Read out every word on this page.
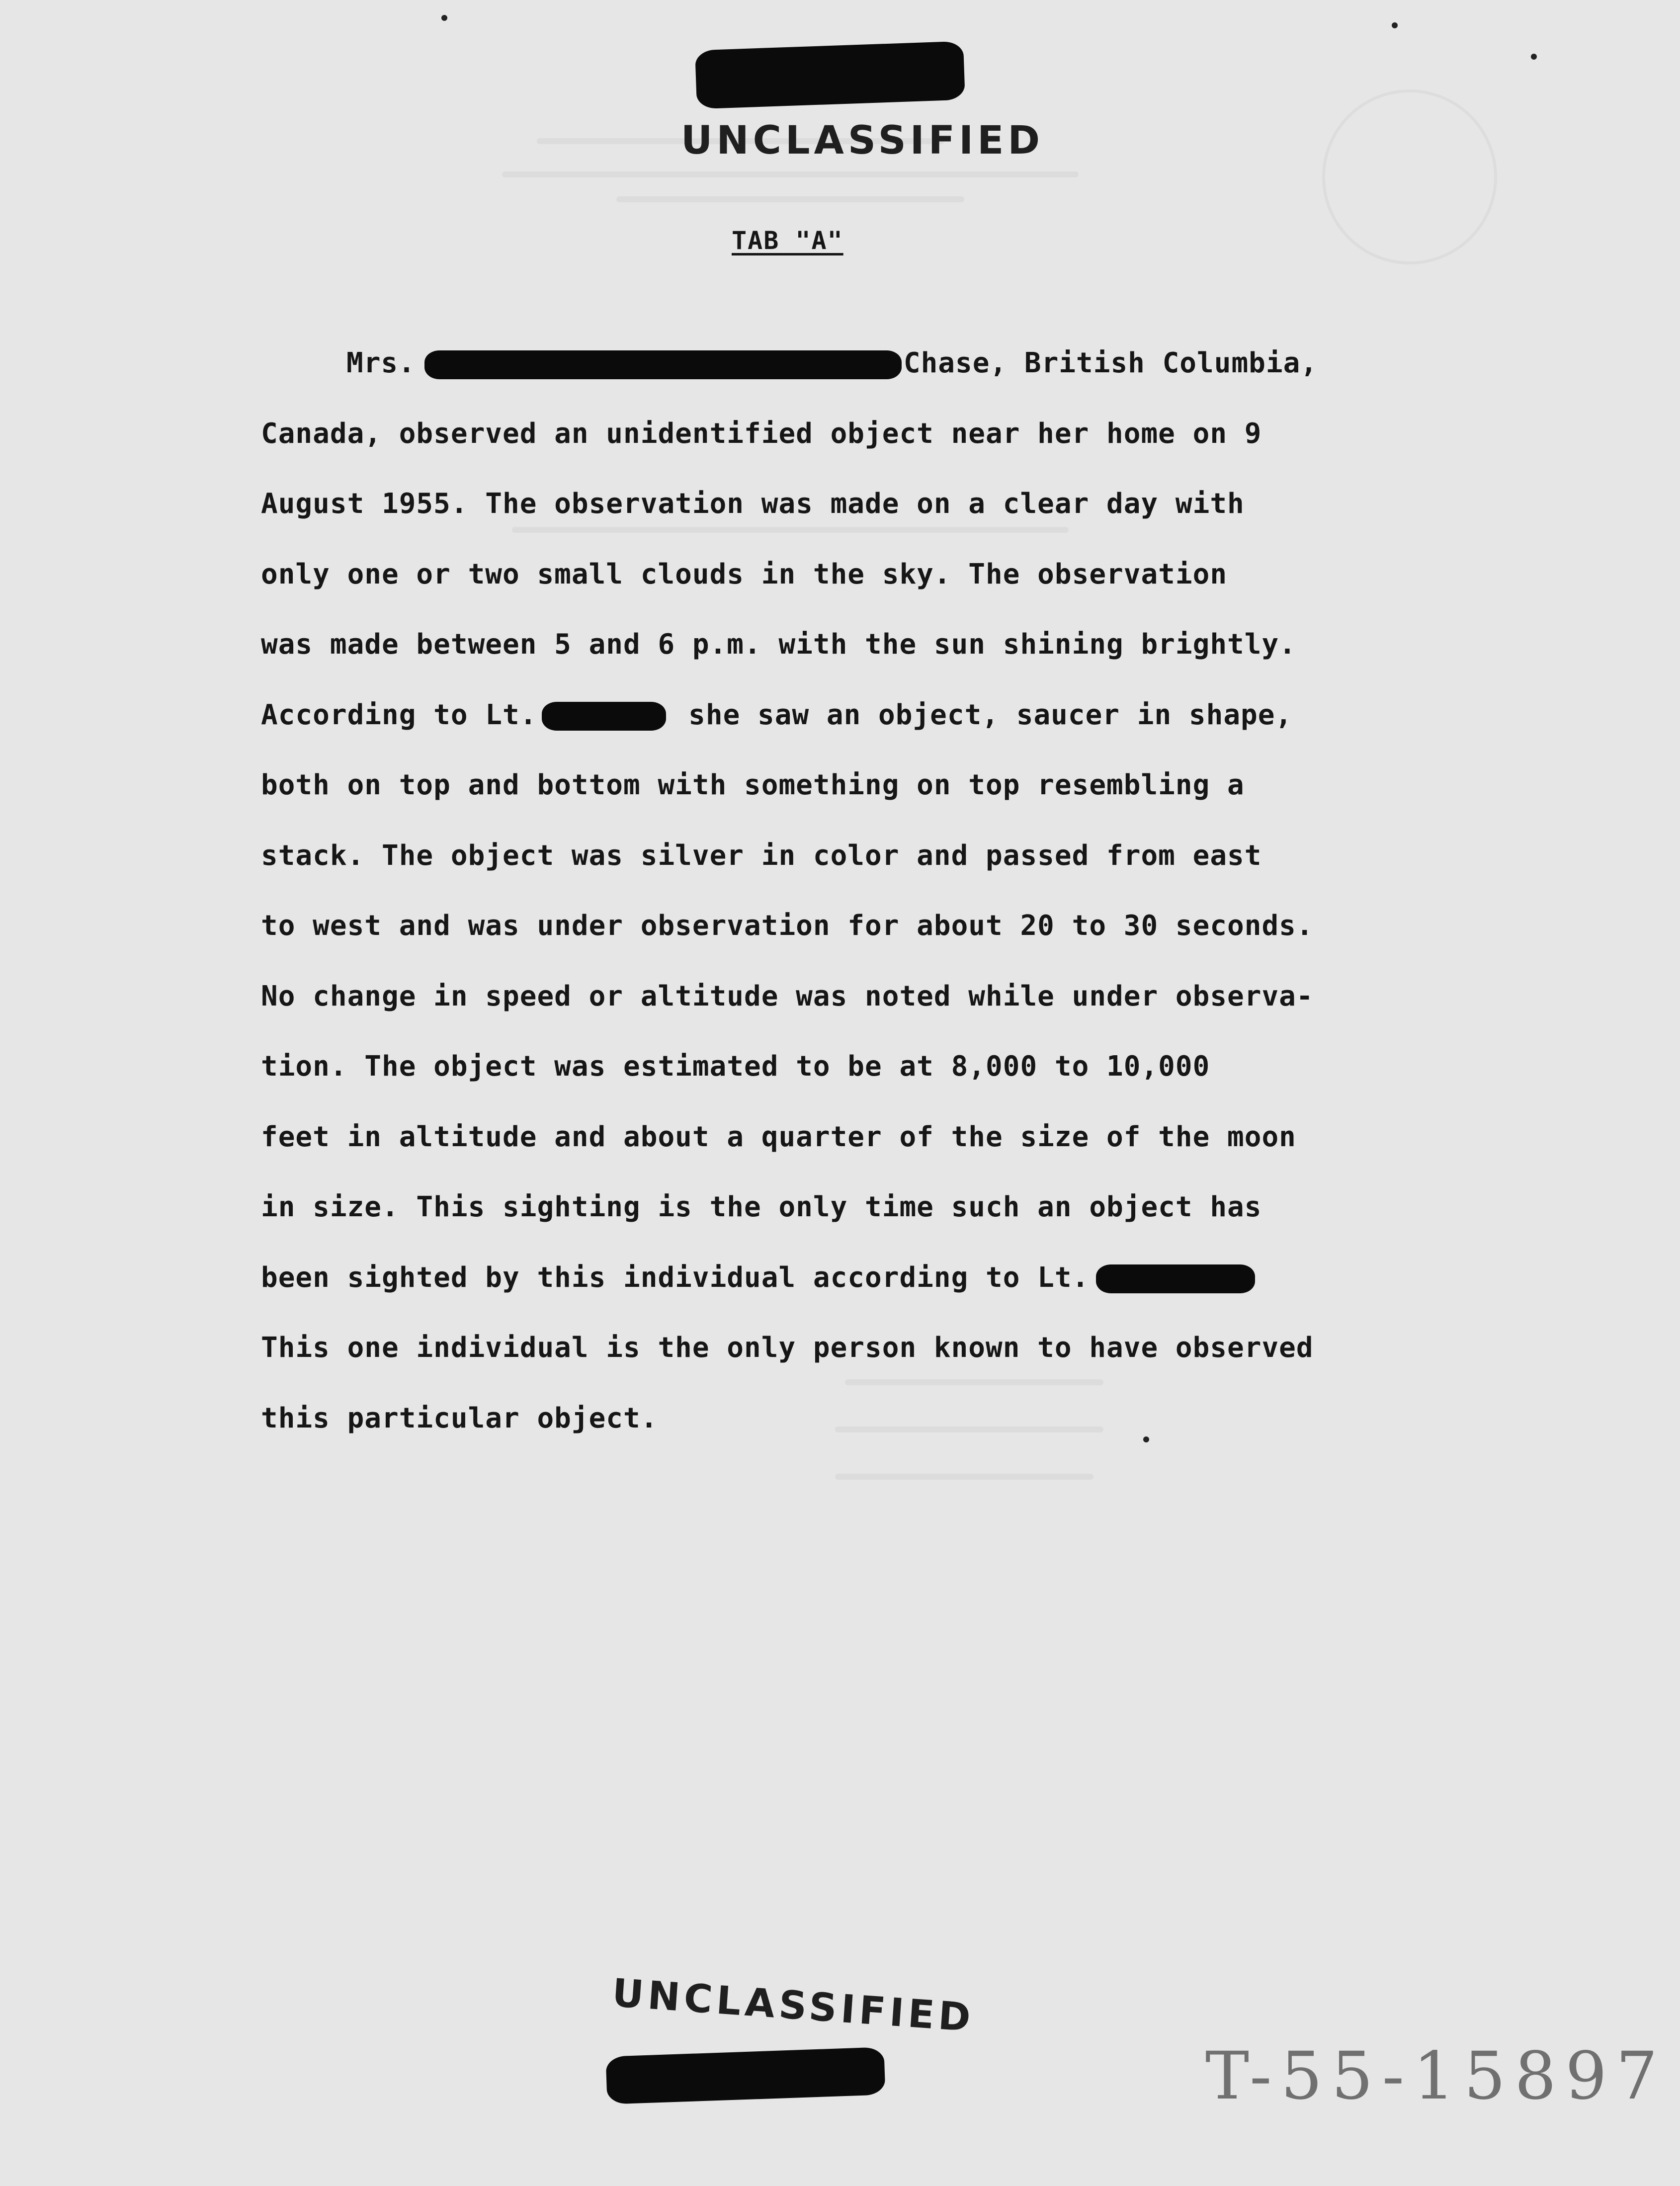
UNCLASSIFIED
TAB "A"
Mrs.	Chase, British Columbia,
Canada, observed an unidentified object near her home on 9
August 1955. The observation was made on a clear day with
only one or two small clouds in the sky. The observation
was made between 5 and 6 p.m. with the sun shining brightly.
According to Lt.	she saw an object, saucer in shape,
both on top and bottom with something on top resembling a
stack. The object was silver in color and passed from east
to west and was under observation for about 20 to 30 seconds.
No change in speed or altitude was noted while under observa-
tion. The object was estimated to be at 8,000 to 10,000
feet in altitude and about a quarter of the size of the moon
in size. This sighting is the only time such an object has
been sighted by this individual according to Lt.
This one individual is the only person known to have observed
this particular object.
UNCLASSIFIED
T-55-15897
